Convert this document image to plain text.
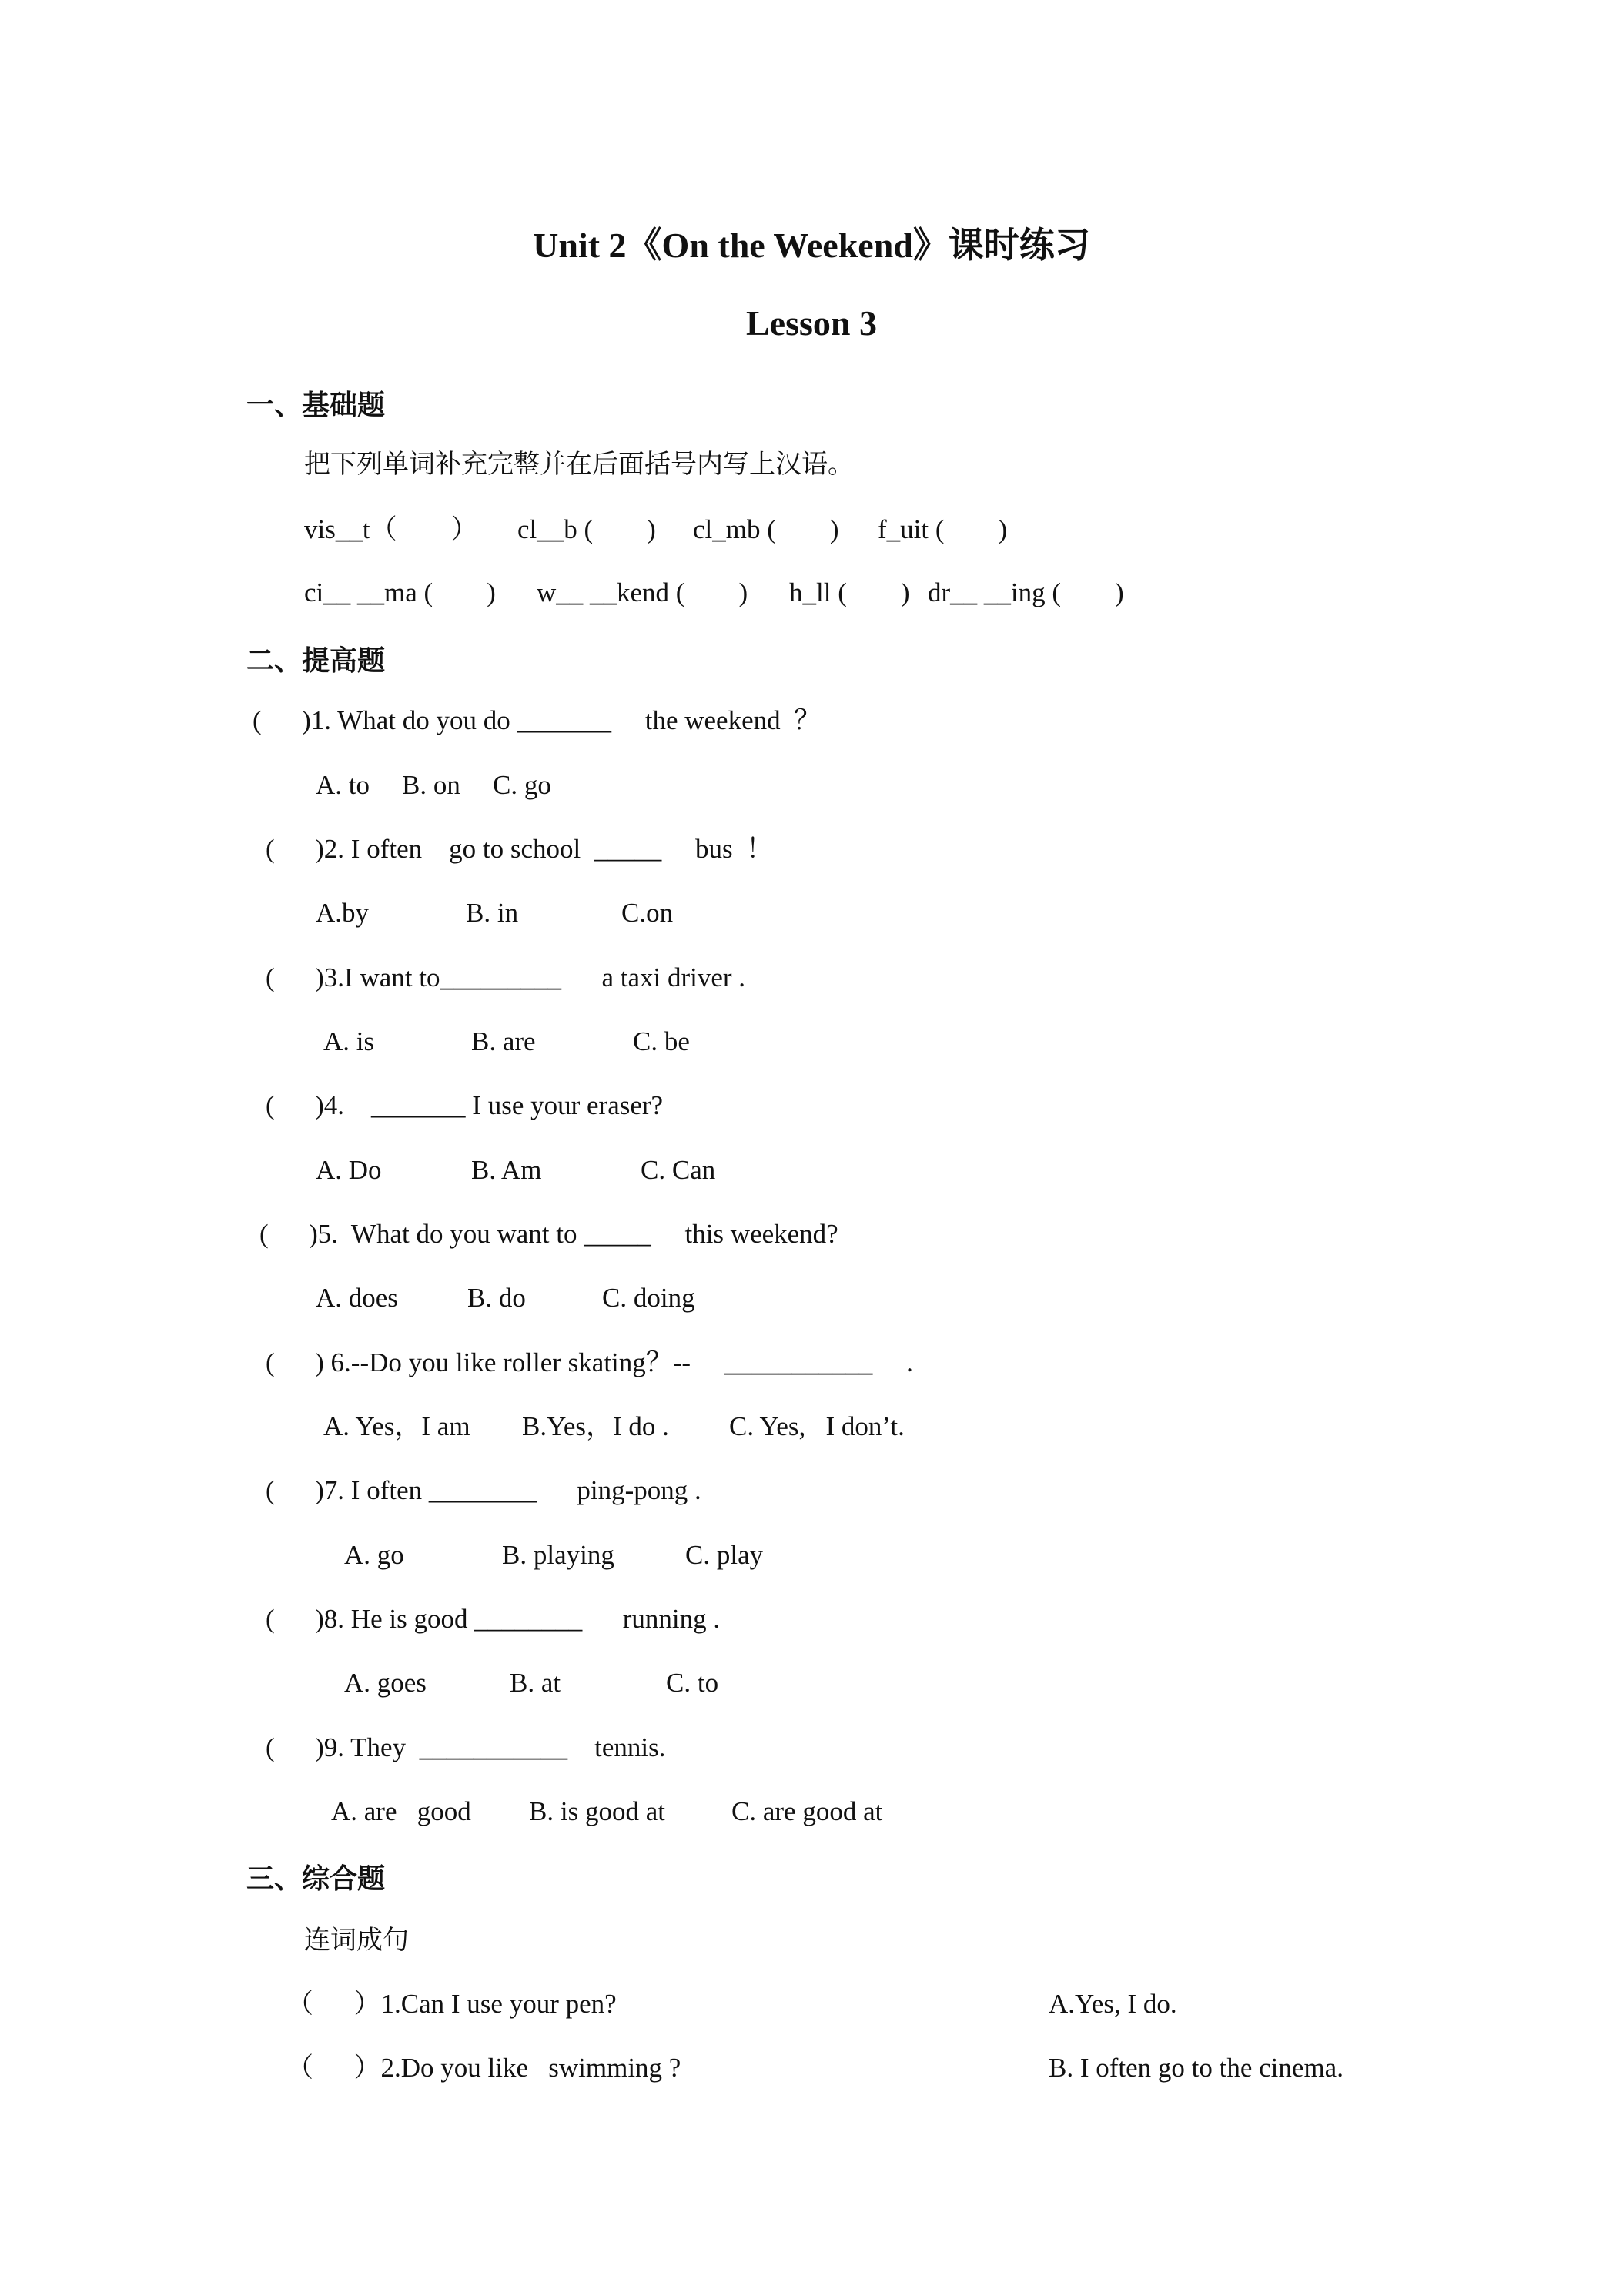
Unit 2《On the Weekend》课时练习
Lesson 3
一、基础题
把下列单词补充完整并在后面括号内写上汉语。
vis__t（        ） cl__b (        ) cl_mb (        ) f_uit (        )
ci__ __ma (        ) w__ __kend (        ) h_ll (        ) dr__ __ing (        )
二、提高题
(      )1. What do you do _______     the weekend  ？
A. to B. on C. go
(      )2. I often    go to school  _____     bus  ！
A.by	B. in	C.on
(      )3.I want to_________      a taxi driver .
A. is	B. are	C. be
(      )4.    _______ I use your eraser?
A. Do	B. Am	C. Can
(      )5.  What do you want to _____     this weekend?
A. does	B. do	C. doing
(      ) 6.--Do you like roller skating？--     ___________     .
A. Yes，I am B.Yes，I do . C. Yes,   I don’t.
(      )7. I often ________      ping-pong .
A. go	B. playing	C. play
(      )8. He is good ________      running .
A. goes	B. at	C. to
(      )9. They  ___________    tennis.
A. are   good B. is good at C. are good at
三、综合题
连词成句
（      ）1.Can I use your pen?	A.Yes, I do.
（      ）2.Do you like   swimming ?	B. I often go to the cinema.
